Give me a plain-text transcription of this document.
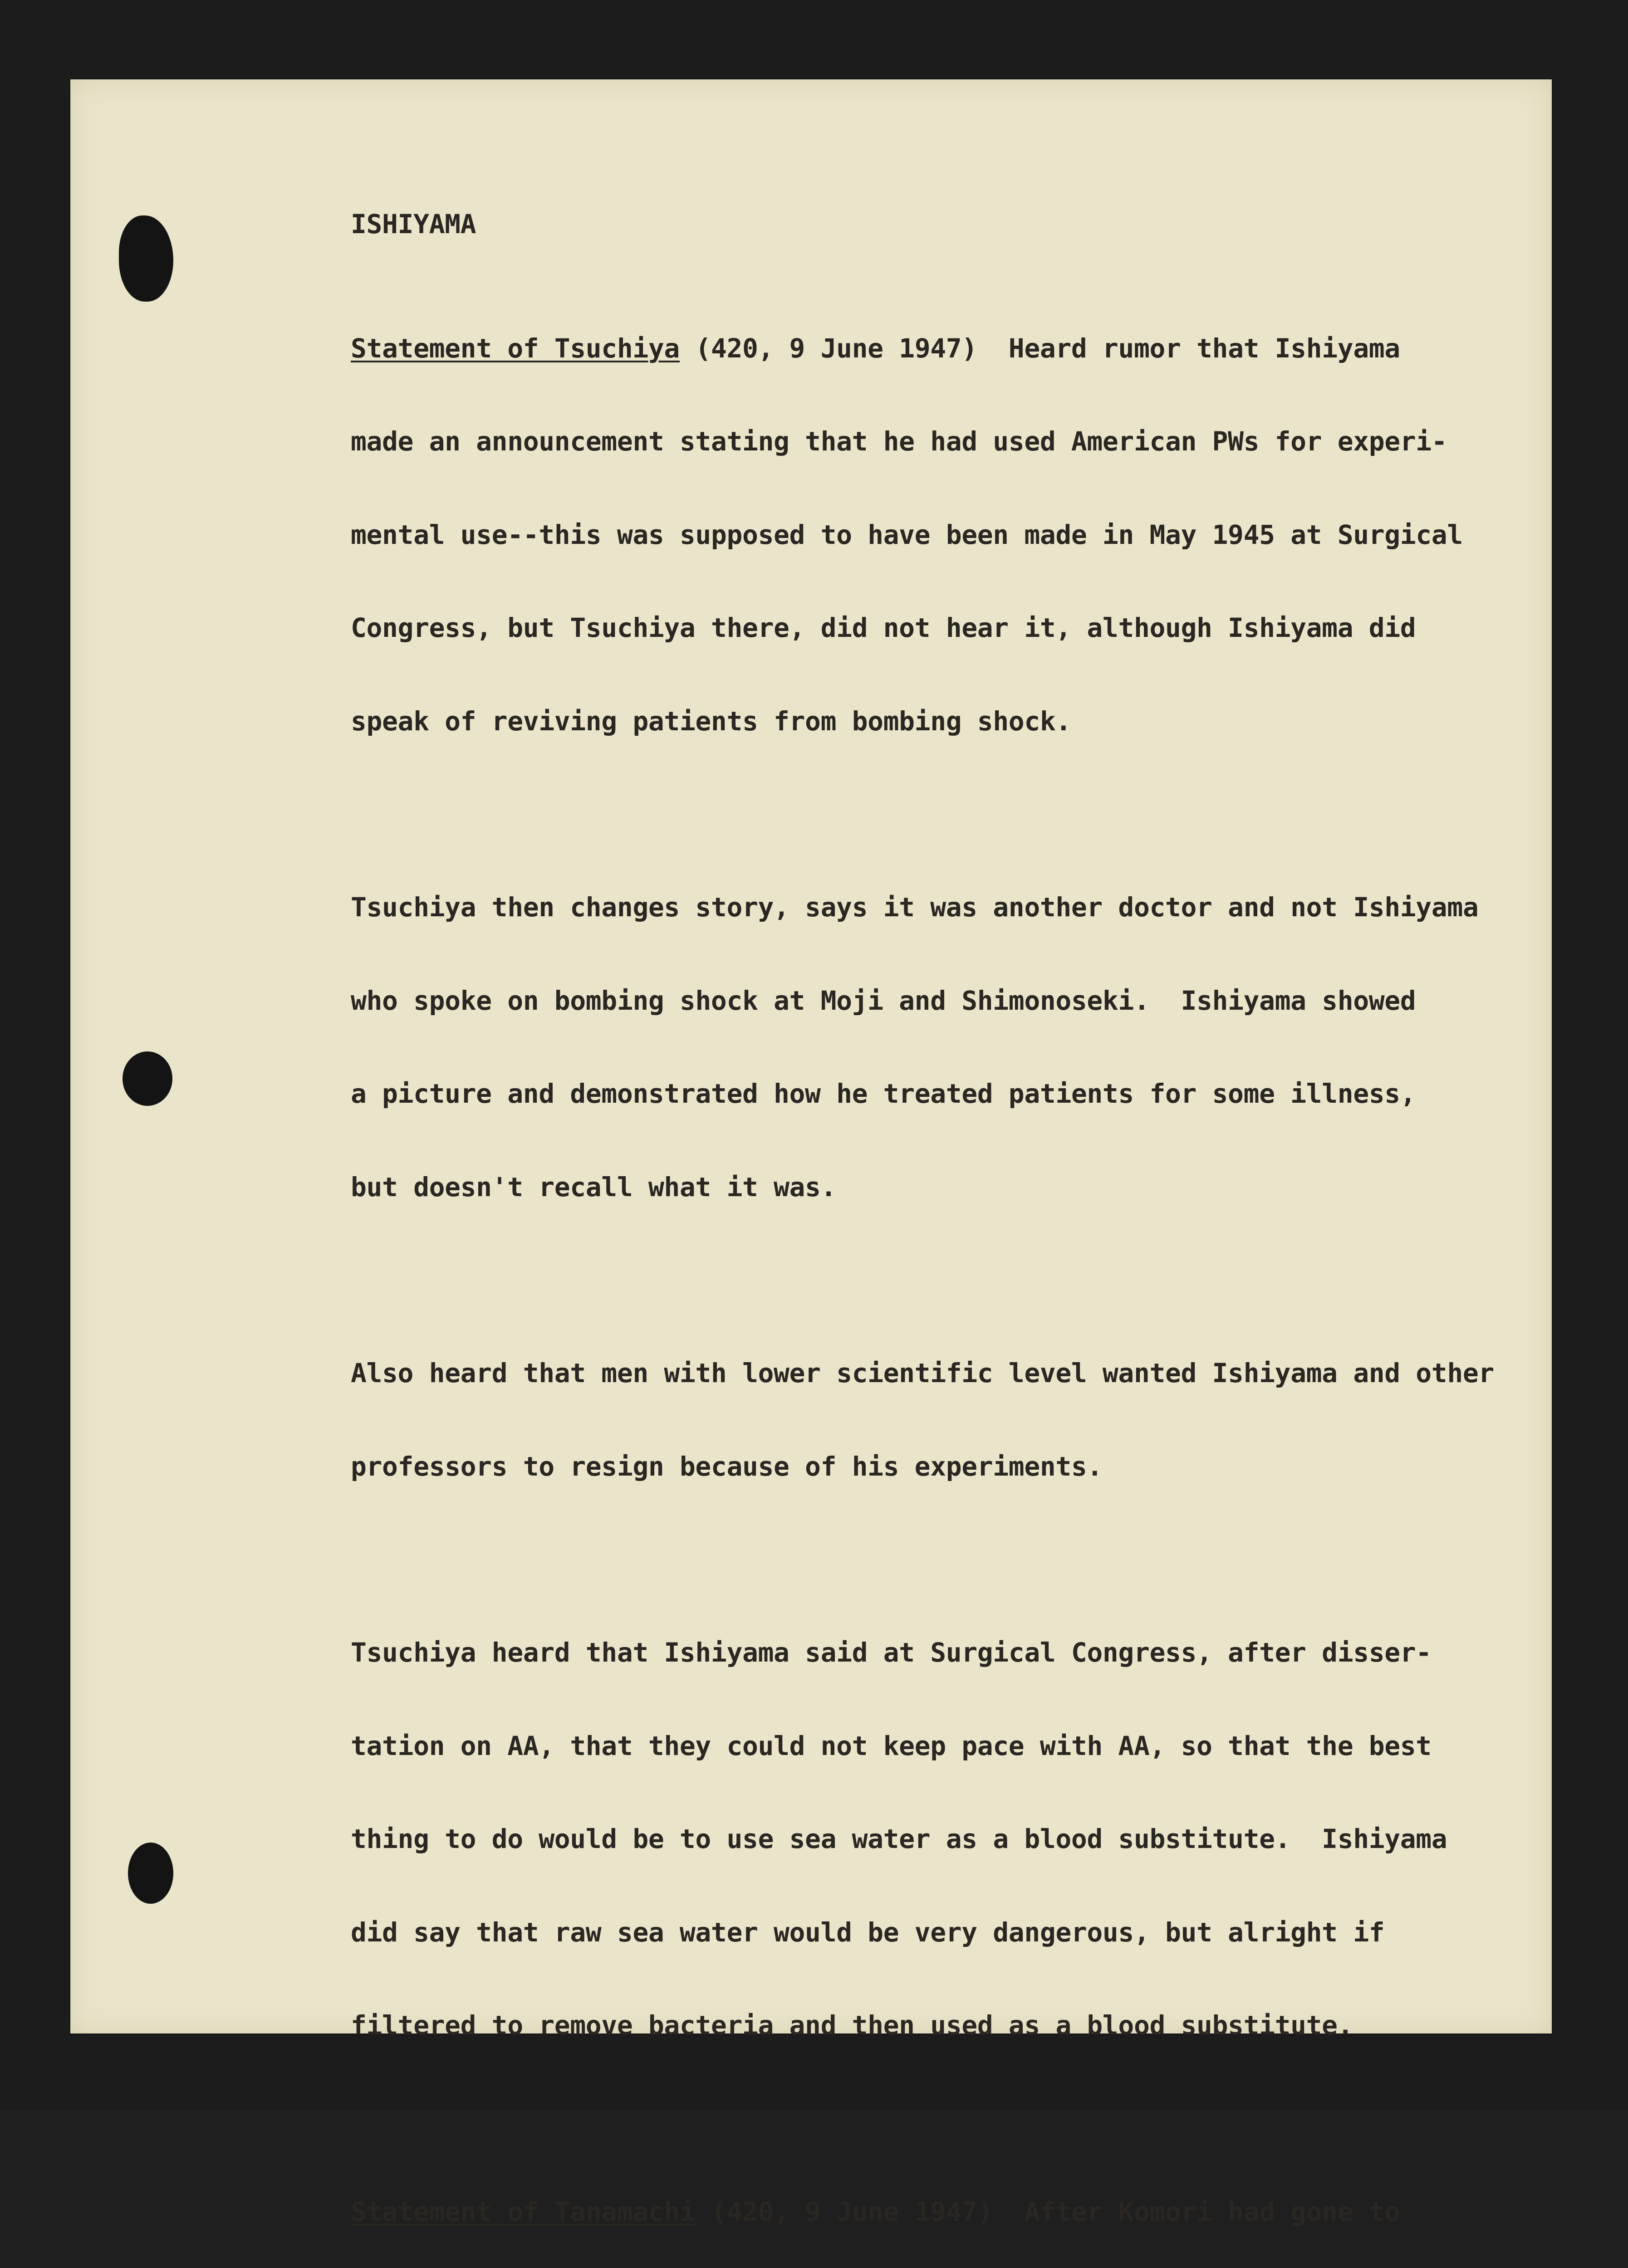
ISHIYAMA

Statement of Tsuchiya (420, 9 June 1947)  Heard rumor that Ishiyama

made an announcement stating that he had used American PWs for experi-

mental use--this was supposed to have been made in May 1945 at Surgical

Congress, but Tsuchiya there, did not hear it, although Ishiyama did

speak of reviving patients from bombing shock.

Tsuchiya then changes story, says it was another doctor and not Ishiyama

who spoke on bombing shock at Moji and Shimonoseki.  Ishiyama showed

a picture and demonstrated how he treated patients for some illness,

but doesn't recall what it was.

Also heard that men with lower scientific level wanted Ishiyama and other

professors to resign because of his experiments.

Tsuchiya heard that Ishiyama said at Surgical Congress, after disser-

tation on AA, that they could not keep pace with AA, so that the best

thing to do would be to use sea water as a blood substitute.  Ishiyama

did say that raw sea water would be very dangerous, but alright if

filtered to remove bacteria and then used as a blood substitute.

Statement of Tanamachi (420, 9 June 1947)  After Komori had gone to
